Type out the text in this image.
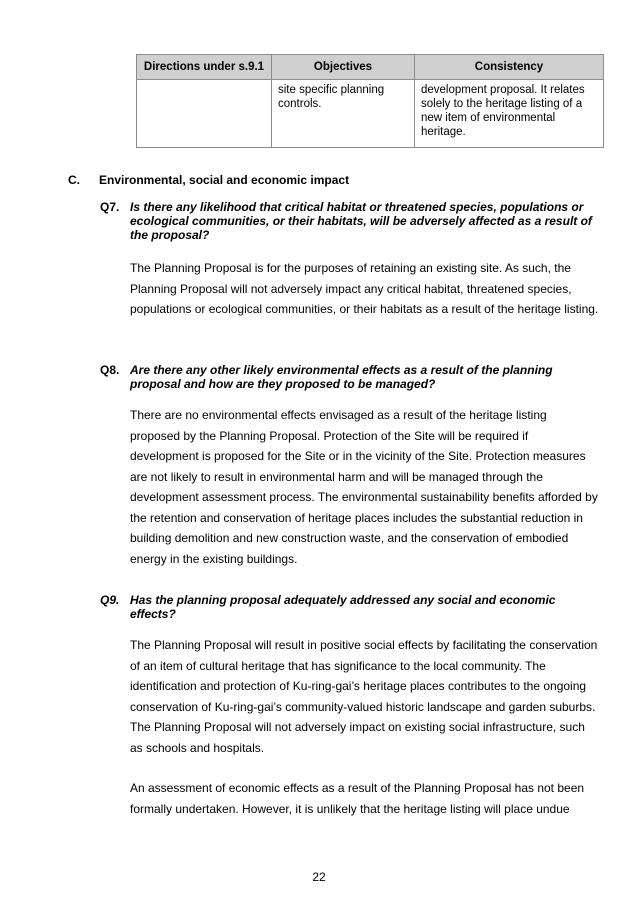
Directions under s.9.1	Objectives	Consistency
	site specific planning controls.	development proposal. It relates solely to the heritage listing of a new item of environmental heritage.
C. Environmental, social and economic impact
Q7. Is there any likelihood that critical habitat or threatened species, populations or ecological communities, or their habitats, will be adversely affected as a result of the proposal?
The Planning Proposal is for the purposes of retaining an existing site. As such, the Planning Proposal will not adversely impact any critical habitat, threatened species, populations or ecological communities, or their habitats as a result of the heritage listing.
Q8. Are there any other likely environmental effects as a result of the planning proposal and how are they proposed to be managed?
There are no environmental effects envisaged as a result of the heritage listing proposed by the Planning Proposal. Protection of the Site will be required if development is proposed for the Site or in the vicinity of the Site. Protection measures are not likely to result in environmental harm and will be managed through the development assessment process. The environmental sustainability benefits afforded by the retention and conservation of heritage places includes the substantial reduction in building demolition and new construction waste, and the conservation of embodied energy in the existing buildings.
Q9. Has the planning proposal adequately addressed any social and economic effects?
The Planning Proposal will result in positive social effects by facilitating the conservation of an item of cultural heritage that has significance to the local community. The identification and protection of Ku-ring-gai’s heritage places contributes to the ongoing conservation of Ku-ring-gai’s community-valued historic landscape and garden suburbs. The Planning Proposal will not adversely impact on existing social infrastructure, such as schools and hospitals.
An assessment of economic effects as a result of the Planning Proposal has not been formally undertaken. However, it is unlikely that the heritage listing will place undue
22
